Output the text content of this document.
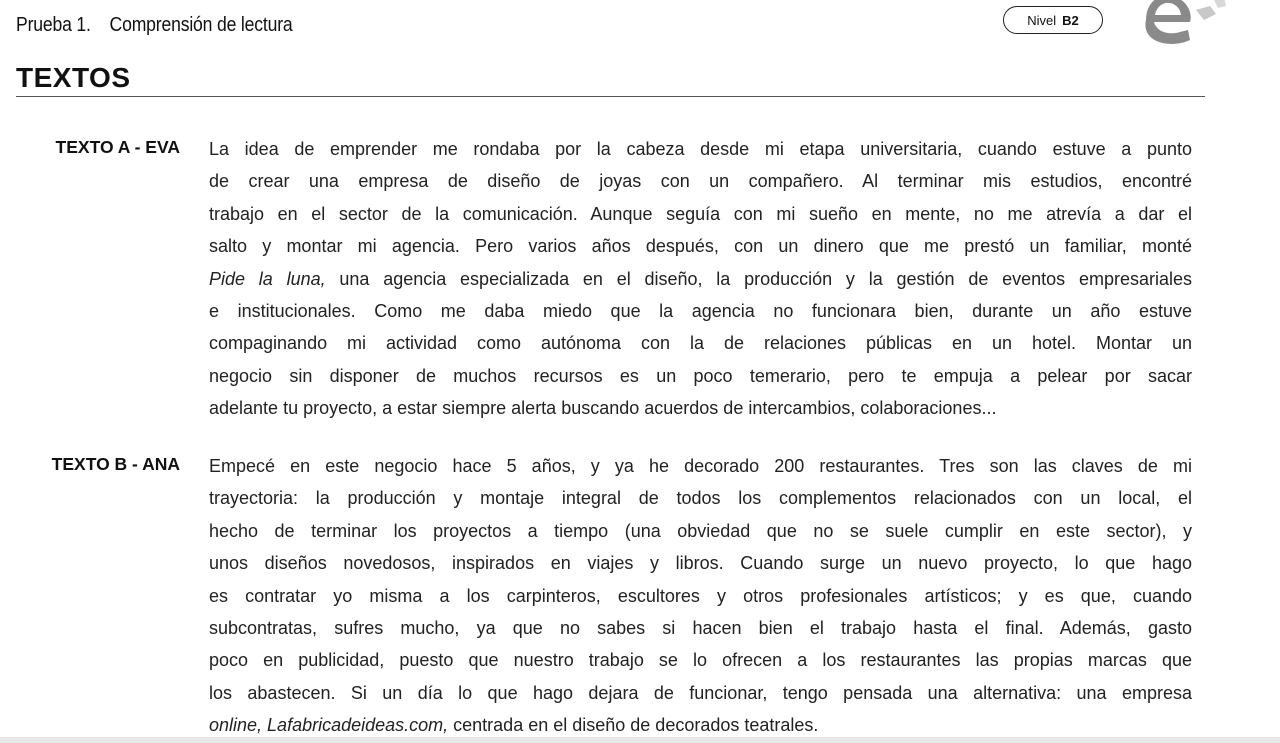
Prueba 1. Comprensión de lectura	Nivel B2
TEXTOS
TEXTO A - EVA La idea de emprender me rondaba por la cabeza desde mi etapa universitaria, cuando estuve a punto
de crear una empresa de diseño de joyas con un compañero. Al terminar mis estudios, encontré
trabajo en el sector de la comunicación. Aunque seguía con mi sueño en mente, no me atrevía a dar el
salto y montar mi agencia. Pero varios años después, con un dinero que me prestó un familiar, monté
Pide la luna, una agencia especializada en el diseño, la producción y la gestión de eventos empresariales
e institucionales. Como me daba miedo que la agencia no funcionara bien, durante un año estuve
compaginando mi actividad como autónoma con la de relaciones públicas en un hotel. Montar un
negocio sin disponer de muchos recursos es un poco temerario, pero te empuja a pelear por sacar
adelante tu proyecto, a estar siempre alerta buscando acuerdos de intercambios, colaboraciones...
TEXTO B - ANA Empecé en este negocio hace 5 años, y ya he decorado 200 restaurantes. Tres son las claves de mi
trayectoria: la producción y montaje integral de todos los complementos relacionados con un local, el
hecho de terminar los proyectos a tiempo (una obviedad que no se suele cumplir en este sector), y
unos diseños novedosos, inspirados en viajes y libros. Cuando surge un nuevo proyecto, lo que hago
es contratar yo misma a los carpinteros, escultores y otros profesionales artísticos; y es que, cuando
subcontratas, sufres mucho, ya que no sabes si hacen bien el trabajo hasta el final. Además, gasto
poco en publicidad, puesto que nuestro trabajo se lo ofrecen a los restaurantes las propias marcas que
los abastecen. Si un día lo que hago dejara de funcionar, tengo pensada una alternativa: una empresa
online, Lafabricadeideas.com, centrada en el diseño de decorados teatrales.
